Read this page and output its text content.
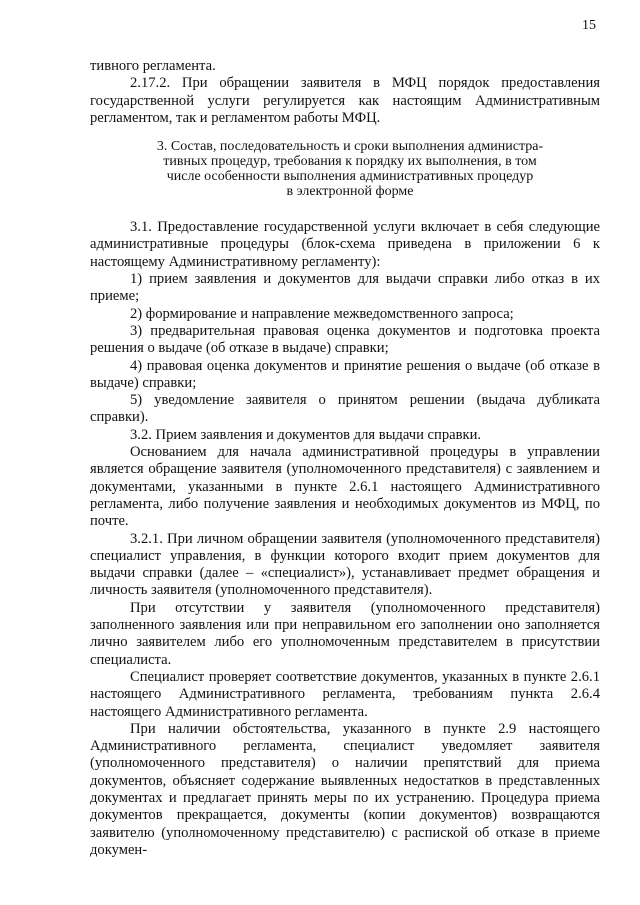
15

тивного регламента.

2.17.2. При обращении заявителя в МФЦ порядок предоставления государственной услуги регулируется как настоящим Административным регламентом, так и регламентом работы МФЦ.

3. Состав, последовательность и сроки выполнения администра-
тивных процедур, требования к порядку их выполнения, в том
числе особенности выполнения административных процедур
в электронной форме

3.1. Предоставление государственной услуги включает в себя следующие административные процедуры (блок-схема приведена в приложении 6 к настоящему Административному регламенту):

1) прием заявления и документов для выдачи справки либо отказ в их приеме;

2) формирование и направление межведомственного запроса;

3) предварительная правовая оценка документов и подготовка проекта решения о выдаче (об отказе в выдаче) справки;

4) правовая оценка документов и принятие решения о выдаче (об отказе в выдаче) справки;

5) уведомление заявителя о принятом решении (выдача дубликата справки).

3.2. Прием заявления и документов для выдачи справки.

Основанием для начала административной процедуры в управлении является обращение заявителя (уполномоченного представителя) с заявлением и документами, указанными в пункте 2.6.1 настоящего Административного регламента, либо получение заявления и необходимых документов из МФЦ, по почте.

3.2.1. При личном обращении заявителя (уполномоченного представителя) специалист управления, в функции которого входит прием документов для выдачи справки (далее – «специалист»), устанавливает предмет обращения и личность заявителя (уполномоченного представителя).

При отсутствии у заявителя (уполномоченного представителя) заполненного заявления или при неправильном его заполнении оно заполняется лично заявителем либо его уполномоченным представителем в присутствии специалиста.

Специалист проверяет соответствие документов, указанных в пункте 2.6.1 настоящего Административного регламента, требованиям пункта 2.6.4 настоящего Административного регламента.

При наличии обстоятельства, указанного в пункте 2.9 настоящего Административного регламента, специалист уведомляет заявителя (уполномоченного представителя) о наличии препятствий для приема документов, объясняет содержание выявленных недостатков в представленных документах и предлагает принять меры по их устранению. Процедура приема документов прекращается, документы (копии документов) возвращаются заявителю (уполномоченному представителю) с распиской об отказе в приеме докумен-
